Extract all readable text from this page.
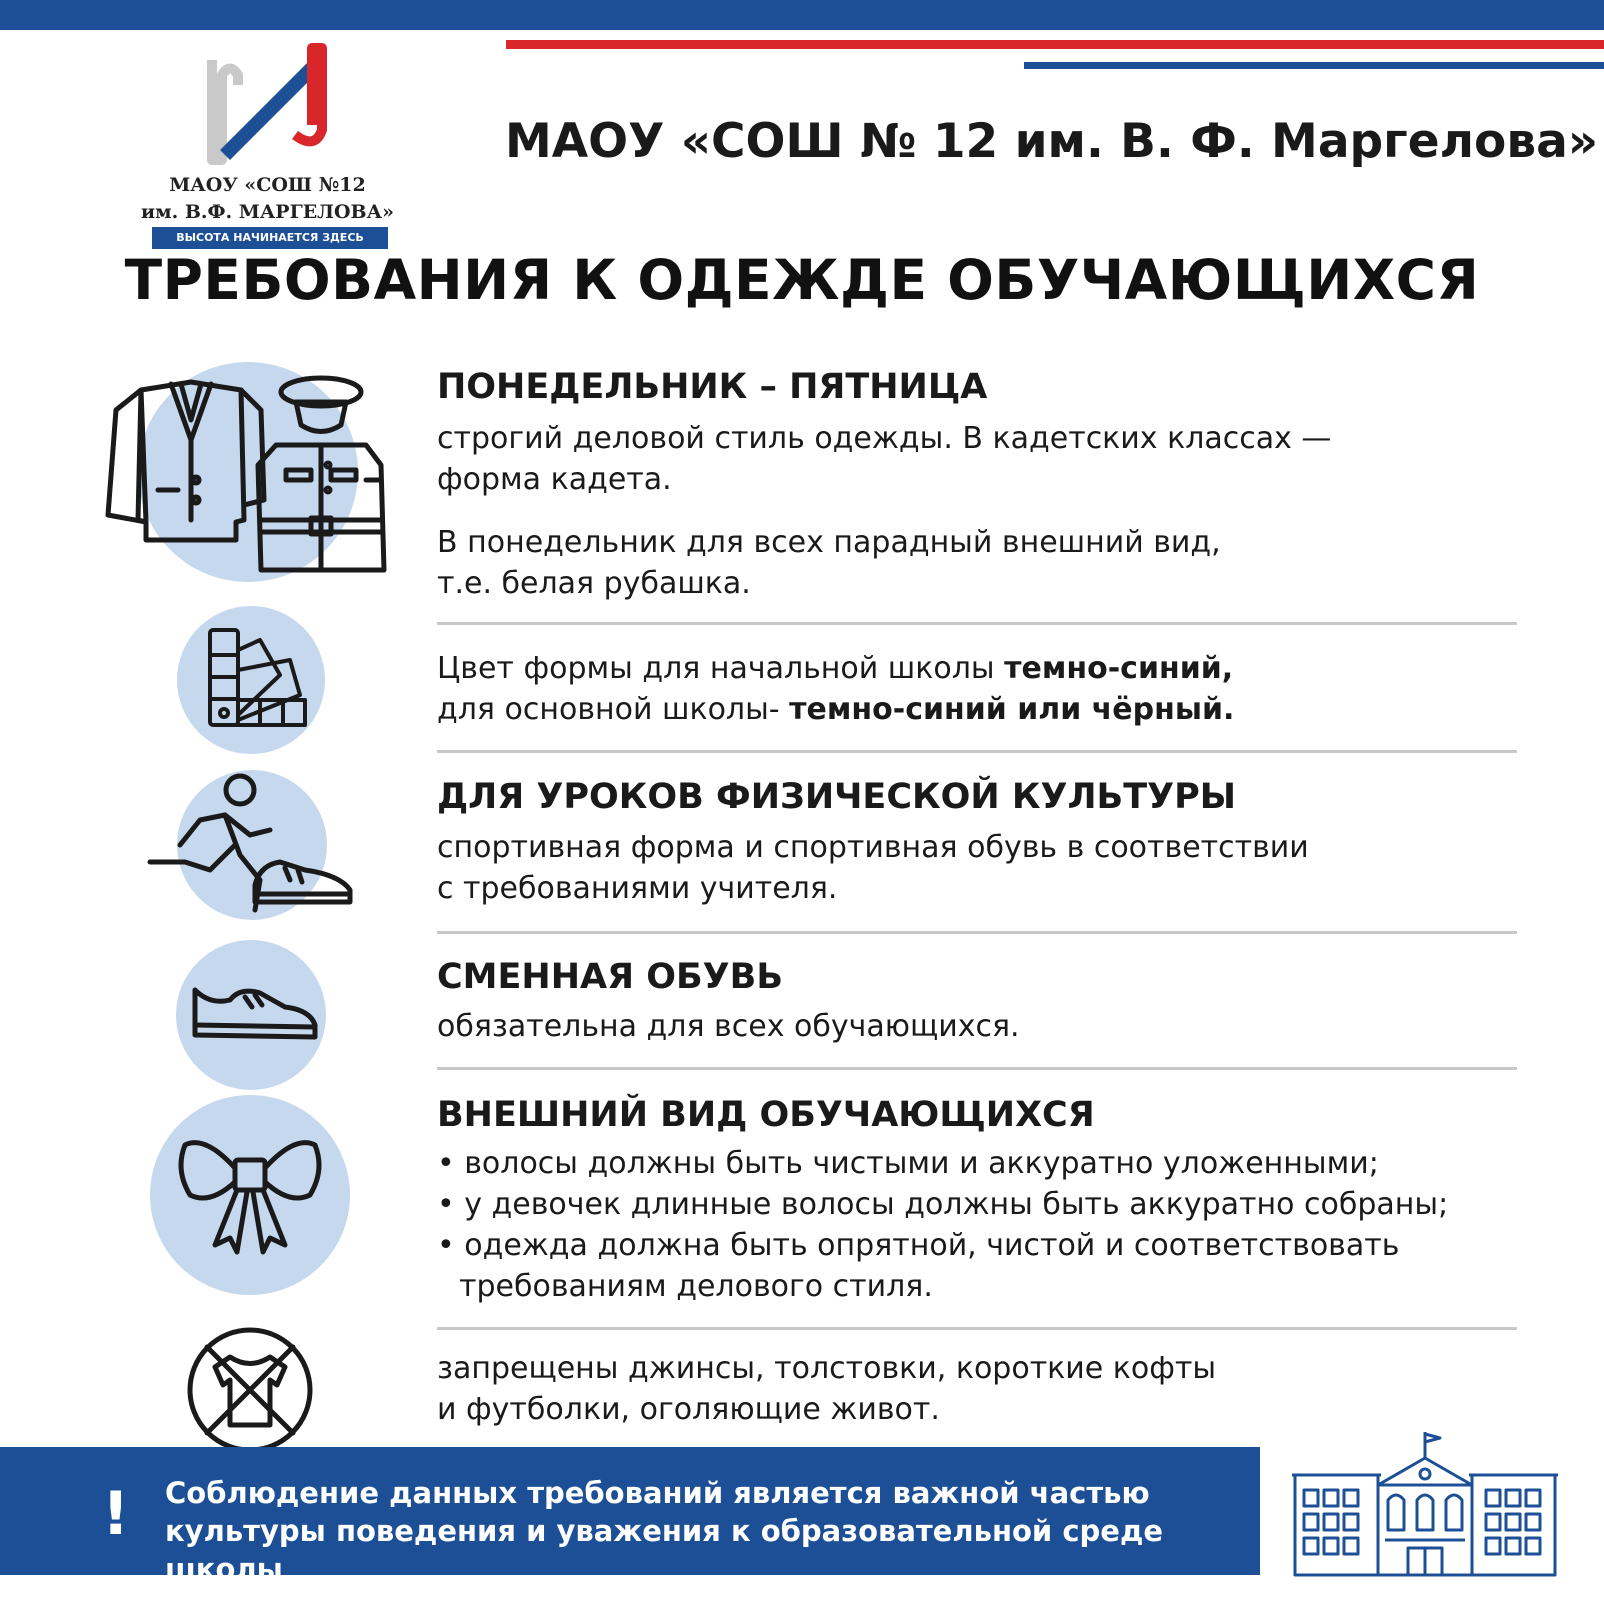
МАОУ «СОШ №12
им. В.Ф. МАРГЕЛОВА»
ВЫСОТА НАЧИНАЕТСЯ ЗДЕСЬ
МАОУ «СОШ № 12 им. В. Ф. Маргелова»
ТРЕБОВАНИЯ К ОДЕЖДЕ ОБУЧАЮЩИХСЯ
ПОНЕДЕЛЬНИК – ПЯТНИЦА
строгий деловой стиль одежды. В кадетских классах —
форма кадета.
В понедельник для всех парадный внешний вид,
т.е. белая рубашка.
Цвет формы для начальной школы темно-синий,
для основной школы- темно-синий или чёрный.
ДЛЯ УРОКОВ ФИЗИЧЕСКОЙ КУЛЬТУРЫ
спортивная форма и спортивная обувь в соответствии
с требованиями учителя.
СМЕННАЯ ОБУВЬ
обязательна для всех обучающихся.
ВНЕШНИЙ ВИД ОБУЧАЮЩИХСЯ
• волосы должны быть чистыми и аккуратно уложенными;
• у девочек длинные волосы должны быть аккуратно собраны;
• одежда должна быть опрятной, чистой и соответствовать
требованиям делового стиля.
запрещены джинсы, толстовки, короткие кофты
и футболки, оголяющие живот.
! Соблюдение данных требований является важной частью
культуры поведения и уважения к образовательной среде школы
